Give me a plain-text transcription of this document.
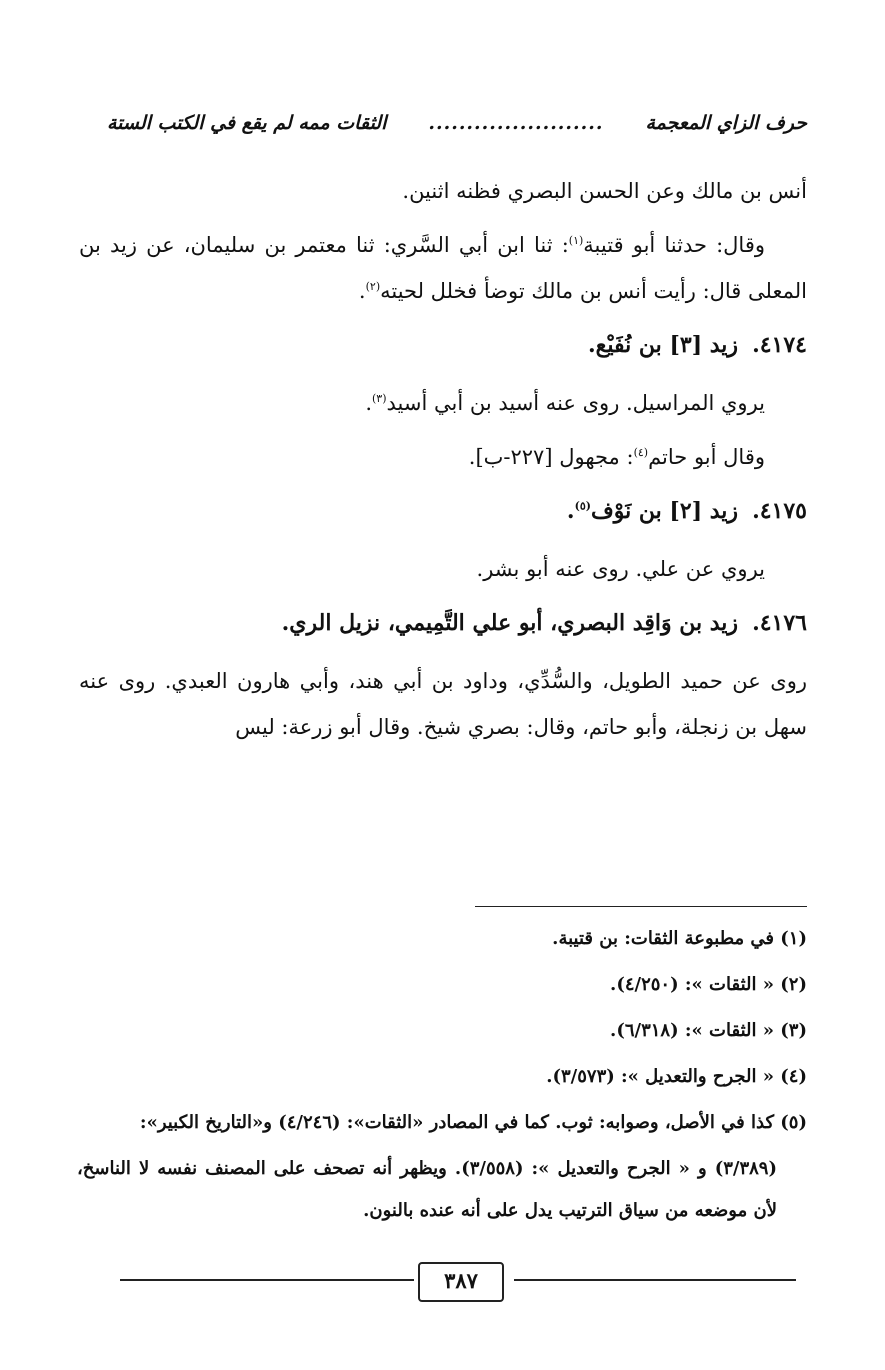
حرف الزاي المعجمة
.......................
الثقات ممه لم يقع في الكتب الستة

أنس بن مالك وعن الحسن البصري فظنه اثنين.

وقال: حدثنا أبو قتيبة$^{(١)}$: ثنا ابن أبي السَّري: ثنا معتمر بن سليمان، عن زيد بن المعلى قال: رأيت أنس بن مالك توضأ فخلل لحيته$^{(٢)}$.

٤١٧٤.زيد [٣] بن نُفَيْع.

يروي المراسيل. روى عنه أسيد بن أبي أسيد$^{(٣)}$.

وقال أبو حاتم$^{(٤)}$: مجهول [٢٢٧-ب].

٤١٧٥.زيد [٢] بن نَوْف$^{(٥)}$.

يروي عن علي. روى عنه أبو بشر.

٤١٧٦.زيد بن وَاقِد البصري، أبو علي التَّمِيمي، نزيل الري.

روى عن حميد الطويل، والسُّدِّي، وداود بن أبي هند، وأبي هارون العبدي. روى عنه سهل بن زنجلة، وأبو حاتم، وقال: بصري شيخ. وقال أبو زرعة: ليس

(١) في مطبوعة الثقات: بن قتيبة.

(٢) « الثقات »: (٤/٢٥٠).

(٣) « الثقات »: (٦/٣١٨).

(٤) « الجرح والتعديل »: (٣/٥٧٣).

(٥) كذا في الأصل، وصوابه: ثوب. كما في المصادر «الثقات»: (٤/٢٤٦) و«التاريخ الكبير»:

(٣/٣٨٩) و « الجرح والتعديل »: (٣/٥٥٨). ويظهر أنه تصحف على المصنف نفسه لا الناسخ، لأن موضعه من سياق الترتيب يدل على أنه عنده بالنون.

٣٨٧
